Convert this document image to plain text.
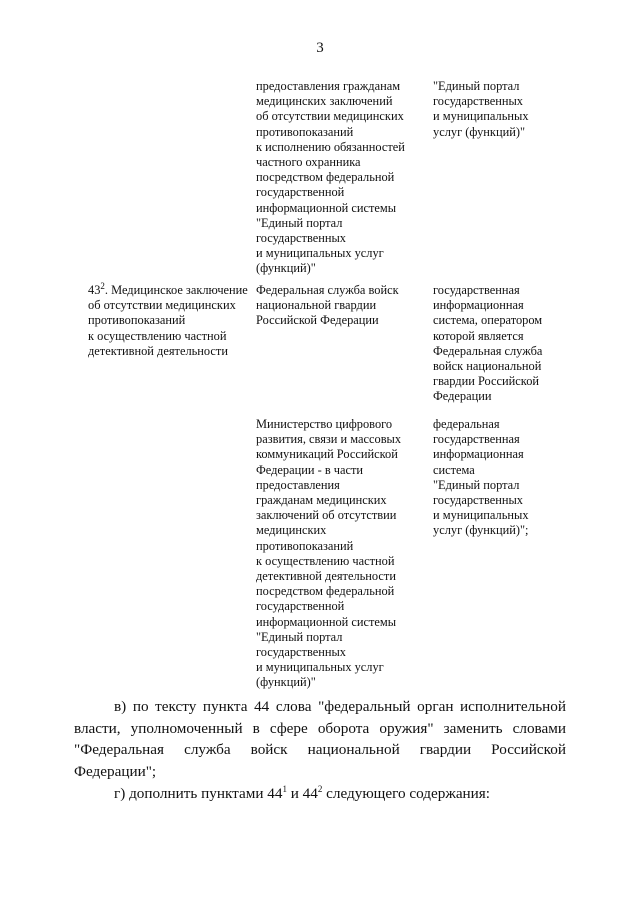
3
предоставления гражданам
медицинских заключений
об отсутствии медицинских
противопоказаний
к исполнению обязанностей
частного охранника
посредством федеральной
государственной
информационной системы
"Единый портал
государственных
и муниципальных услуг
(функций)"
"Единый портал
государственных
и муниципальных
услуг (функций)"
$43^2$. Медицинское заключение
об отсутствии медицинских
противопоказаний
к осуществлению частной
детективной деятельности
Федеральная служба войск
национальной гвардии
Российской Федерации
государственная
информационная
система, оператором
которой является
Федеральная служба
войск национальной
гвардии Российской
Федерации
Министерство цифрового
развития, связи и массовых
коммуникаций Российской
Федерации - в части
предоставления
гражданам медицинских
заключений об отсутствии
медицинских
противопоказаний
к осуществлению частной
детективной деятельности
посредством федеральной
государственной
информационной системы
"Единый портал
государственных
и муниципальных услуг
(функций)"
федеральная
государственная
информационная
система
"Единый портал
государственных
и муниципальных
услуг (функций)";
в) по тексту пункта 44 слова "федеральный орган исполнительной
власти, уполномоченный в сфере оборота оружия" заменить словами
"Федеральная служба войск национальной гвардии Российской
Федерации";
г) дополнить пунктами $44^1$ и $44^2$ следующего содержания:
